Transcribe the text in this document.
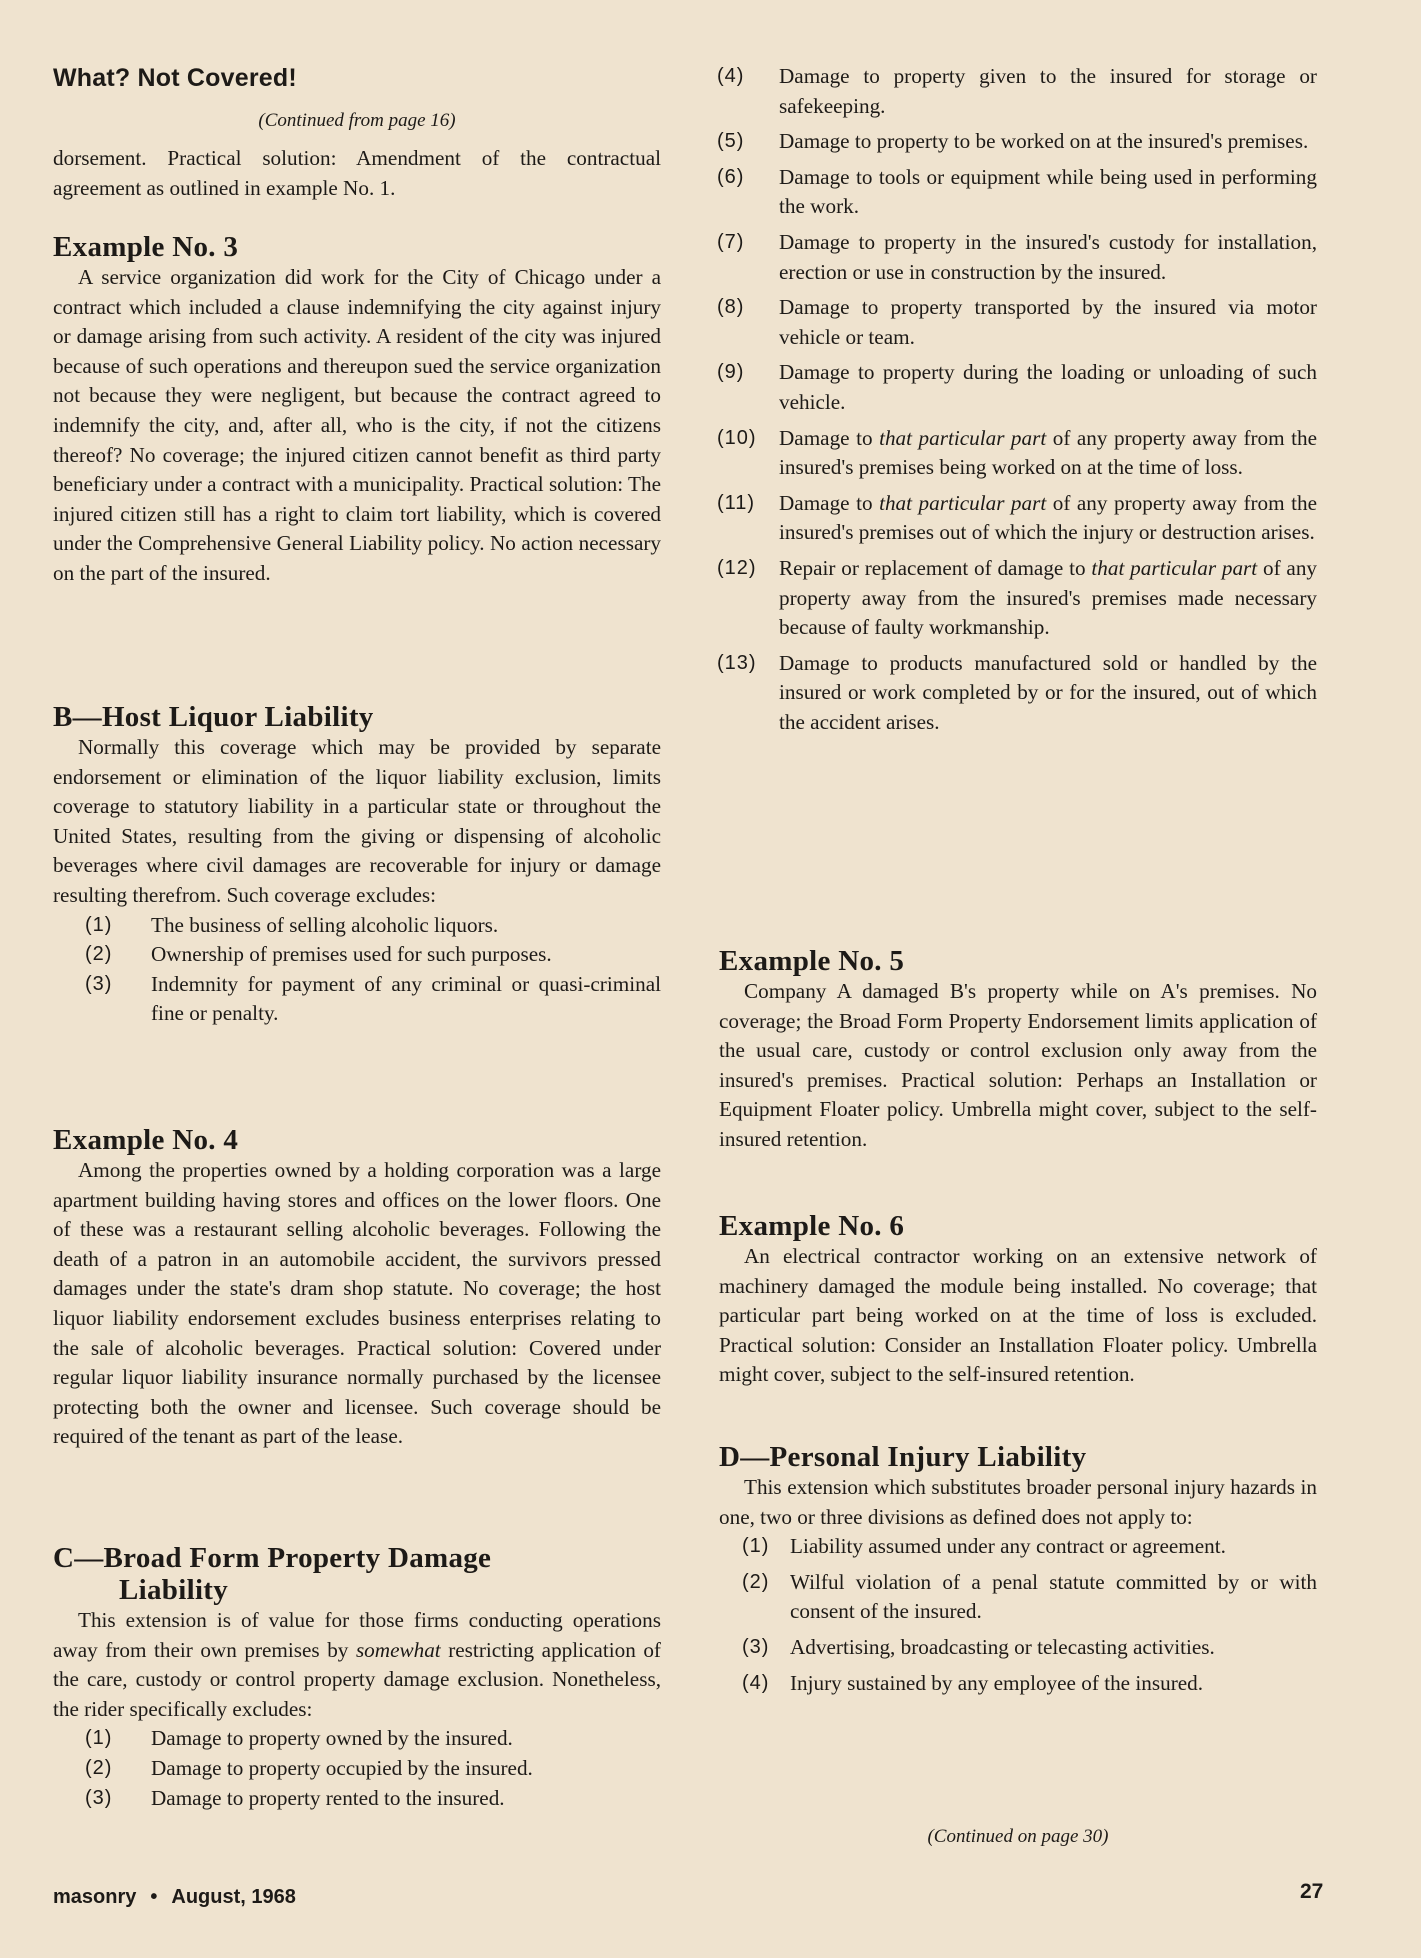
What? Not Covered!
(Continued from page 16)

dorsement. Practical solution: Amendment of the contractual agreement as outlined in example No. 1.

Example No. 3

A service organization did work for the City of Chicago under a contract which included a clause indemnifying the city against injury or damage arising from such activity. A resident of the city was injured because of such operations and thereupon sued the service organization not because they were negligent, but because the contract agreed to indemnify the city, and, after all, who is the city, if not the citizens thereof? No coverage; the injured citizen cannot benefit as third party beneficiary under a contract with a municipality. Practical solution: The injured citizen still has a right to claim tort liability, which is covered under the Comprehensive General Liability policy. No action necessary on the part of the insured.

B—Host Liquor Liability

Normally this coverage which may be provided by separate endorsement or elimination of the liquor liability exclusion, limits coverage to statutory liability in a particular state or throughout the United States, resulting from the giving or dispensing of alcoholic beverages where civil damages are recoverable for injury or damage resulting therefrom. Such coverage excludes:

(1) The business of selling alcoholic liquors.
(2) Ownership of premises used for such purposes.
(3) Indemnity for payment of any criminal or quasi-criminal fine or penalty.
Example No. 4

Among the properties owned by a holding corporation was a large apartment building having stores and offices on the lower floors. One of these was a restaurant selling alcoholic beverages. Following the death of a patron in an automobile accident, the survivors pressed damages under the state's dram shop statute. No coverage; the host liquor liability endorsement excludes business enterprises relating to the sale of alcoholic beverages. Practical solution: Covered under regular liquor liability insurance normally purchased by the licensee protecting both the owner and licensee. Such coverage should be required of the tenant as part of the lease.

C—Broad Form Property Damage
Liability

This extension is of value for those firms conducting operations away from their own premises by somewhat restricting application of the care, custody or control property damage exclusion. Nonetheless, the rider specifically excludes:

(1) Damage to property owned by the insured.
(2) Damage to property occupied by the insured.
(3) Damage to property rented to the insured.
(4) Damage to property given to the insured for storage or safekeeping.
(5) Damage to property to be worked on at the insured's premises.
(6) Damage to tools or equipment while being used in performing the work.
(7) Damage to property in the insured's custody for installation, erection or use in construction by the insured.
(8) Damage to property transported by the insured via motor vehicle or team.
(9) Damage to property during the loading or unloading of such vehicle.
(10) Damage to that particular part of any property away from the insured's premises being worked on at the time of loss.
(11) Damage to that particular part of any property away from the insured's premises out of which the injury or destruction arises.
(12) Repair or replacement of damage to that particular part of any property away from the insured's premises made necessary because of faulty workmanship.
(13) Damage to products manufactured sold or handled by the insured or work completed by or for the insured, out of which the accident arises.
Example No. 5

Company A damaged B's property while on A's premises. No coverage; the Broad Form Property Endorsement limits application of the usual care, custody or control exclusion only away from the insured's premises. Practical solution: Perhaps an Installation or Equipment Floater policy. Umbrella might cover, subject to the self-insured retention.

Example No. 6

An electrical contractor working on an extensive network of machinery damaged the module being installed. No coverage; that particular part being worked on at the time of loss is excluded. Practical solution: Consider an Installation Floater policy. Umbrella might cover, subject to the self-insured retention.

D—Personal Injury Liability

This extension which substitutes broader personal injury hazards in one, two or three divisions as defined does not apply to:

(1) Liability assumed under any contract or agreement.
(2) Wilful violation of a penal statute committed by or with consent of the insured.
(3) Advertising, broadcasting or telecasting activities.
(4) Injury sustained by any employee of the insured.
(Continued on page 30)
masonry • August, 1968	27
